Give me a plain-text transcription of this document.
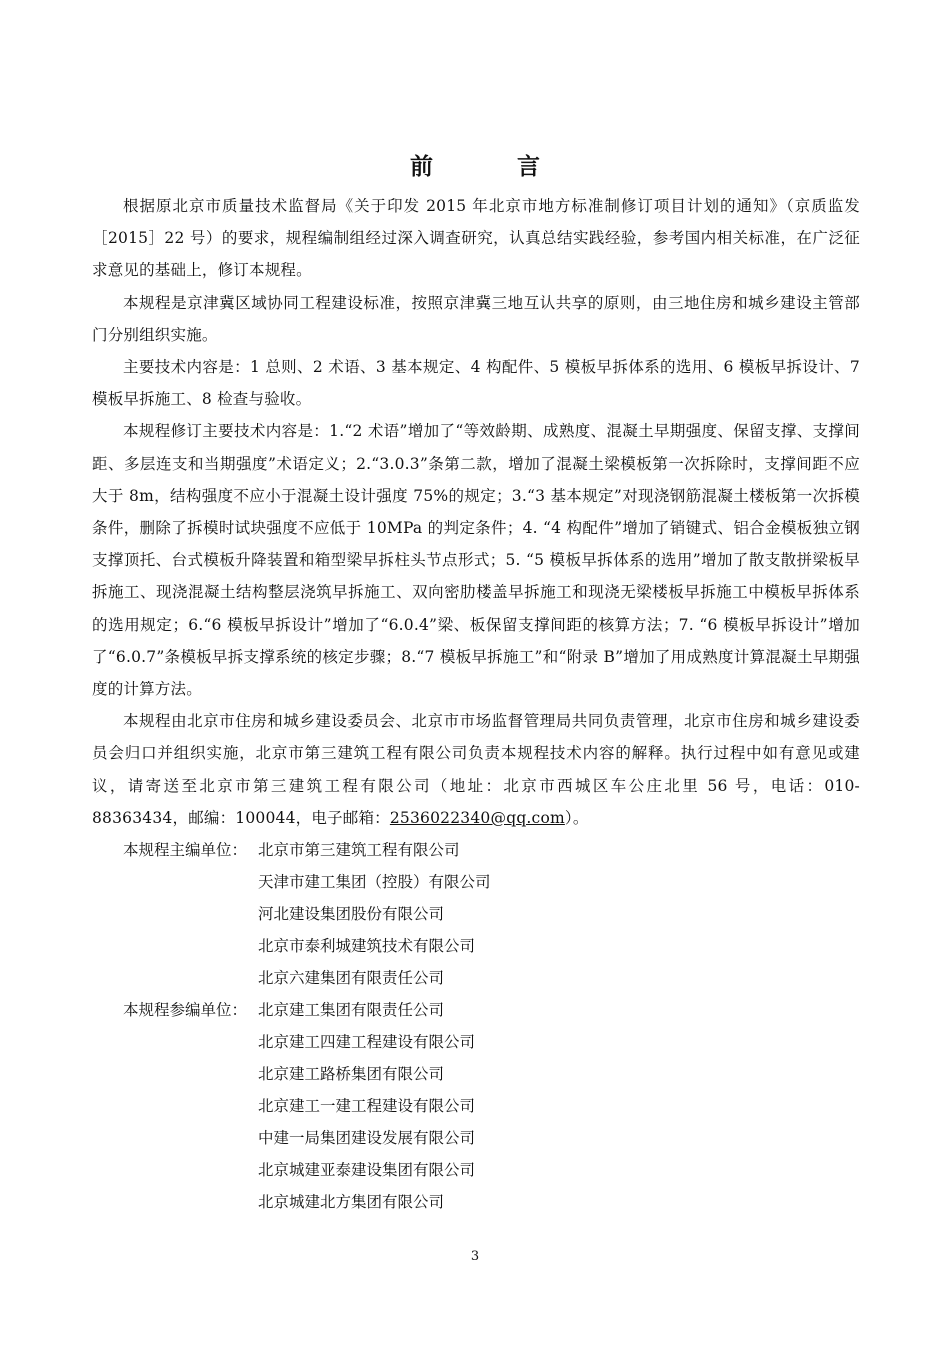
前 言

根据原北京市质量技术监督局《关于印发 2015 年北京市地方标准制修订项目计划的通知》（京质监发［2015］22 号）的要求，规程编制组经过深入调查研究，认真总结实践经验，参考国内相关标准，在广泛征求意见的基础上，修订本规程。

本规程是京津冀区域协同工程建设标准，按照京津冀三地互认共享的原则，由三地住房和城乡建设主管部门分别组织实施。

主要技术内容是：1 总则、2 术语、3 基本规定、4 构配件、5 模板早拆体系的选用、6 模板早拆设计、7 模板早拆施工、8 检查与验收。

本规程修订主要技术内容是：1.“2 术语”增加了“等效龄期、成熟度、混凝土早期强度、保留支撑、支撑间距、多层连支和当期强度”术语定义；2.“3.0.3”条第二款，增加了混凝土梁模板第一次拆除时，支撑间距不应大于 8m，结构强度不应小于混凝土设计强度 75%的规定；3.“3 基本规定”对现浇钢筋混凝土楼板第一次拆模条件，删除了拆模时试块强度不应低于 10MPa 的判定条件；4. “4 构配件”增加了销键式、铝合金模板独立钢支撑顶托、台式模板升降装置和箱型梁早拆柱头节点形式；5. “5 模板早拆体系的选用”增加了散支散拼梁板早拆施工、现浇混凝土结构整层浇筑早拆施工、双向密肋楼盖早拆施工和现浇无梁楼板早拆施工中模板早拆体系的选用规定；6.“6 模板早拆设计”增加了“6.0.4”梁、板保留支撑间距的核算方法；7. “6 模板早拆设计”增加了“6.0.7”条模板早拆支撑系统的核定步骤；8.“7 模板早拆施工”和“附录 B”增加了用成熟度计算混凝土早期强度的计算方法。

本规程由北京市住房和城乡建设委员会、北京市市场监督管理局共同负责管理，北京市住房和城乡建设委员会归口并组织实施，北京市第三建筑工程有限公司负责本规程技术内容的解释。执行过程中如有意见或建议，请寄送至北京市第三建筑工程有限公司（地址：北京市西城区车公庄北里 56 号，电话：010-88363434，邮编：100044，电子邮箱：2536022340@qq.com）。

本规程主编单位： 北京市第三建筑工程有限公司
天津市建工集团（控股）有限公司
河北建设集团股份有限公司
北京市泰利城建筑技术有限公司
北京六建集团有限责任公司
本规程参编单位： 北京建工集团有限责任公司
北京建工四建工程建设有限公司
北京建工路桥集团有限公司
北京建工一建工程建设有限公司
中建一局集团建设发展有限公司
北京城建亚泰建设集团有限公司
北京城建北方集团有限公司
3
